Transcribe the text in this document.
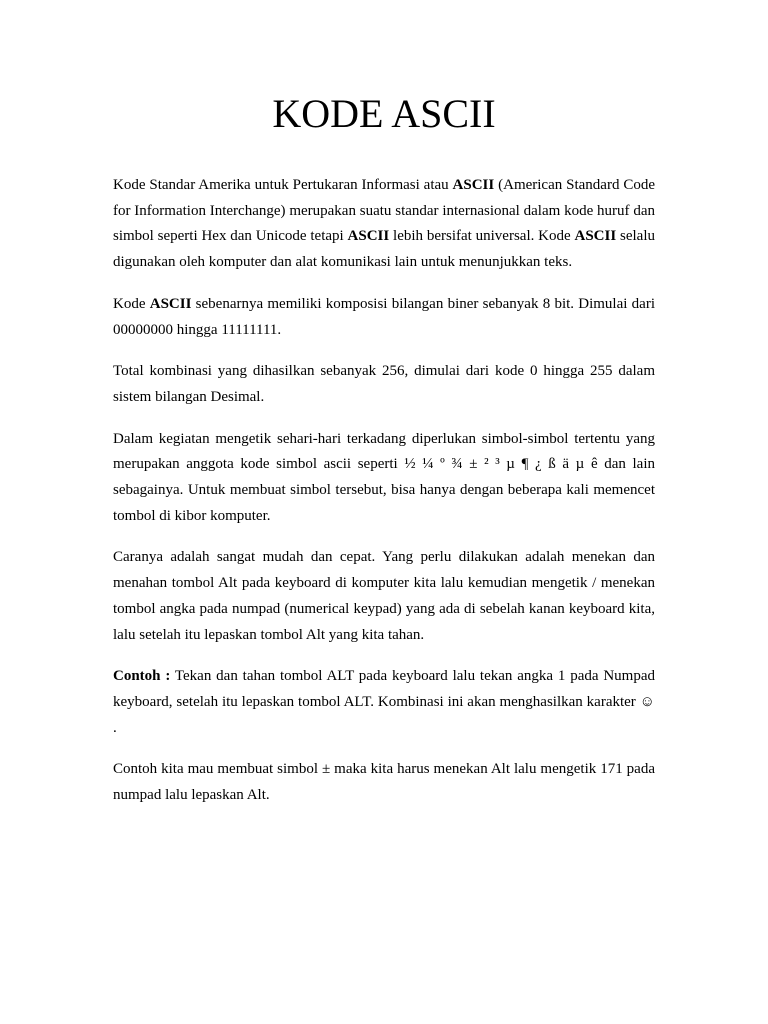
KODE ASCII

Kode Standar Amerika untuk Pertukaran Informasi atau ASCII (American Standard Code for Information Interchange) merupakan suatu standar internasional dalam kode huruf dan simbol seperti Hex dan Unicode tetapi ASCII lebih bersifat universal. Kode ASCII selalu digunakan oleh komputer dan alat komunikasi lain untuk menunjukkan teks.

Kode ASCII sebenarnya memiliki komposisi bilangan biner sebanyak 8 bit. Dimulai dari 00000000 hingga 11111111.

Total kombinasi yang dihasilkan sebanyak 256, dimulai dari kode 0 hingga 255 dalam sistem bilangan Desimal.

Dalam kegiatan mengetik sehari-hari terkadang diperlukan simbol-simbol tertentu yang merupakan anggota kode simbol ascii seperti ½ ¼ º ¾ ± ² ³ µ ¶ ¿ ß ä µ ê dan lain sebagainya. Untuk membuat simbol tersebut, bisa hanya dengan beberapa kali memencet tombol di kibor komputer.

Caranya adalah sangat mudah dan cepat. Yang perlu dilakukan adalah menekan dan menahan tombol Alt pada keyboard di komputer kita lalu kemudian mengetik / menekan tombol angka pada numpad (numerical keypad) yang ada di sebelah kanan keyboard kita, lalu setelah itu lepaskan tombol Alt yang kita tahan.

Contoh : Tekan dan tahan tombol ALT pada keyboard lalu tekan angka 1 pada Numpad keyboard, setelah itu lepaskan tombol ALT. Kombinasi ini akan menghasilkan karakter ☺ .

Contoh kita mau membuat simbol ± maka kita harus menekan Alt lalu mengetik 171 pada numpad lalu lepaskan Alt.
